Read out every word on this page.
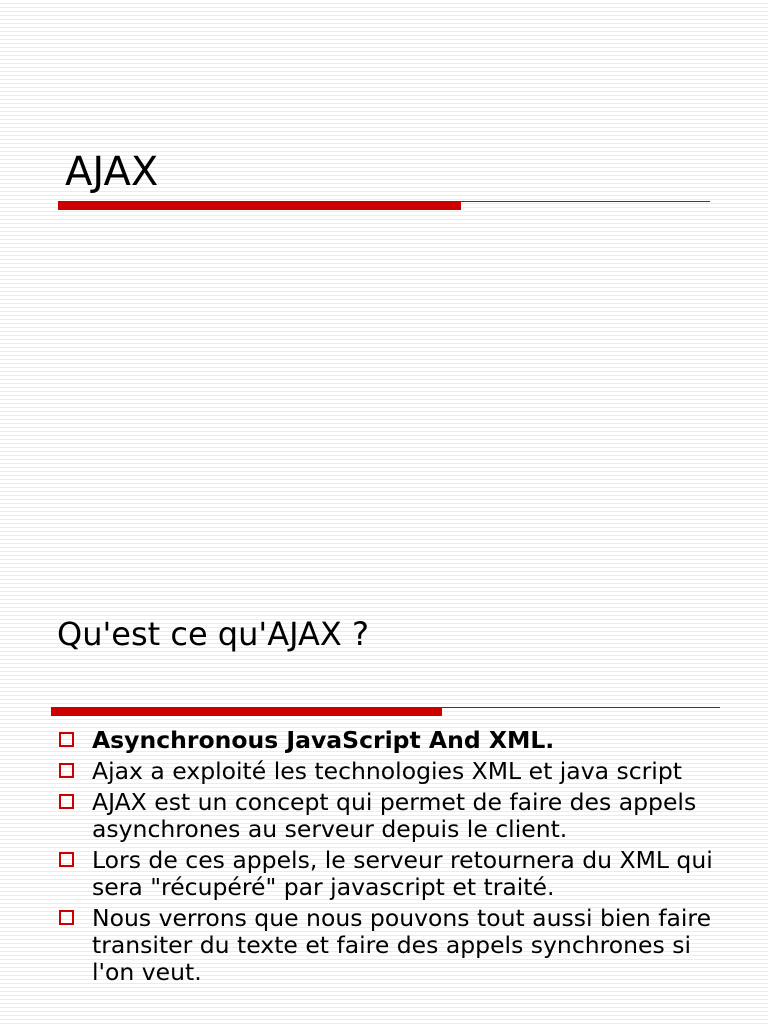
AJAX
Qu'est ce qu'AJAX ?
Asynchronous JavaScript And XML.
Ajax a exploité les technologies XML et java script
AJAX est un concept qui permet de faire des appels asynchrones au serveur depuis le client.
Lors de ces appels, le serveur retournera du XML qui sera "récupéré" par javascript et traité.
Nous verrons que nous pouvons tout aussi bien faire transiter du texte et faire des appels synchrones si l'on veut.
